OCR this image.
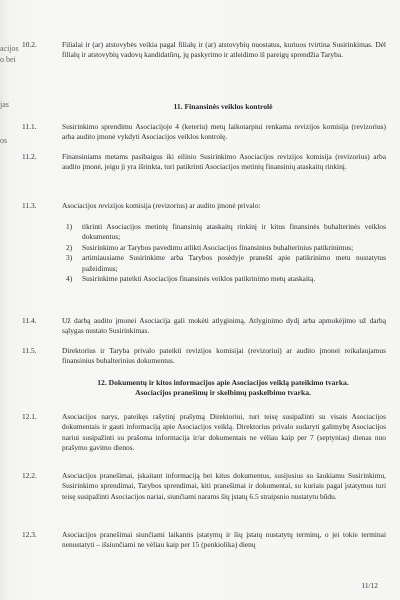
acijos
o bei
jas
os
10.2.	Filialai ir (ar) atstovybės veikia pagal filialų ir (ar) atstovybių nuostatus, kuriuos tvirtina Susirinkimas. Dėl filialų ir atstovybių vadovų kandidatūrų, jų paskyrimo ir atleidimo iš pareigų sprendžia Taryba.
11. Finansinės veiklos kontrolė
11.1.	Susirinkimo sprendimu Asociacijoje 4 (keteriu) metų laikotarpiui renkama revizijos komisija (revizorius) arba audito įmonė vykdyti Asociacijos veiklos kontrolę.
11.2.	Finansiniams metams pasibaigus iki eilinio Susirinkimo Asociacijos revizijos komisija (revizorius) arba audito įmonė, jeigu ji yra išrinkta, turi patikrinti Asociacijos metinių finansinių ataskaitų rinkinį.
11.3.	Asociacijos revizijos komisija (revizorius) ar audito įmonė privalo:
1) tikrinti Asociacijos metinių finansinių ataskaitų rinkinį ir kitus finansinės buhalterinės veiklos dokumentus;
2) Susirinkimo ar Tarybos pavedimu atlikti Asociacijos finansinius buhalterinius patikrinimus;
3) artimiausiame Susirinkime arba Tarybos posėdyje pranešti apie patikrinimo metu nustatytus pažeidimus;
4) Susirinkime pateikti Asociacijos finansinės veiklos patikrinimo metų ataskaitą.
11.4.	Už darbą audito įmonei Asociacija gali mokėti atlyginimą. Atlyginimo dydį arba apmokėjimo už darbą sąlygas nustato Susirinkimas.
11.5.	Direktorius ir Taryba privalo pateikti revizijos komisijai (revizoriui) ar audito įmonei reikalaujamus finansinius buhalterinius dokumentus.
12. Dokumentų ir kitos informacijos apie Asociacijos veiklą pateikimo tvarka.
Asociacijos pranešimų ir skelbimų paskelbimo tvarka.
12.1.	Asociacijos narys, pateikęs rašytinį prašymą Direktoriui, turi teisę susipažinti su visais Asociacijos dokumentais ir gauti informaciją apie Asociacijos veiklą. Direktorius privalo sudaryti galimybę Asociacijos nariui susipažinti su prašoma informacija ir/ar dokumentais ne vėliau kaip per 7 (septynias) dienas nuo prašymo gavimo dienos.
12.2.	Asociacijos pranešimai, įskaitant informaciją bei kitus dokumentus, susijusius su šaukiamu Susirinkimu, Susirinkimo sprendimai, Tarybos sprendimai, kiti pranešimai ir dokumentai, su kuriais pagal įstatymus turi teisę susipažinti Asociacijos nariai, siunčiami narams šių įstatų 6.5 straipsnio nustatytu būdu.
12.3.	Asociacijos pranešimai siunčiami laikantis įstatymų ir šių įstatų nustatytų terminų, o jei tokie terminai nenustatyti – išsiunčiami ne vėliau kaip per 15 (penkiolika) dienų
11/12
